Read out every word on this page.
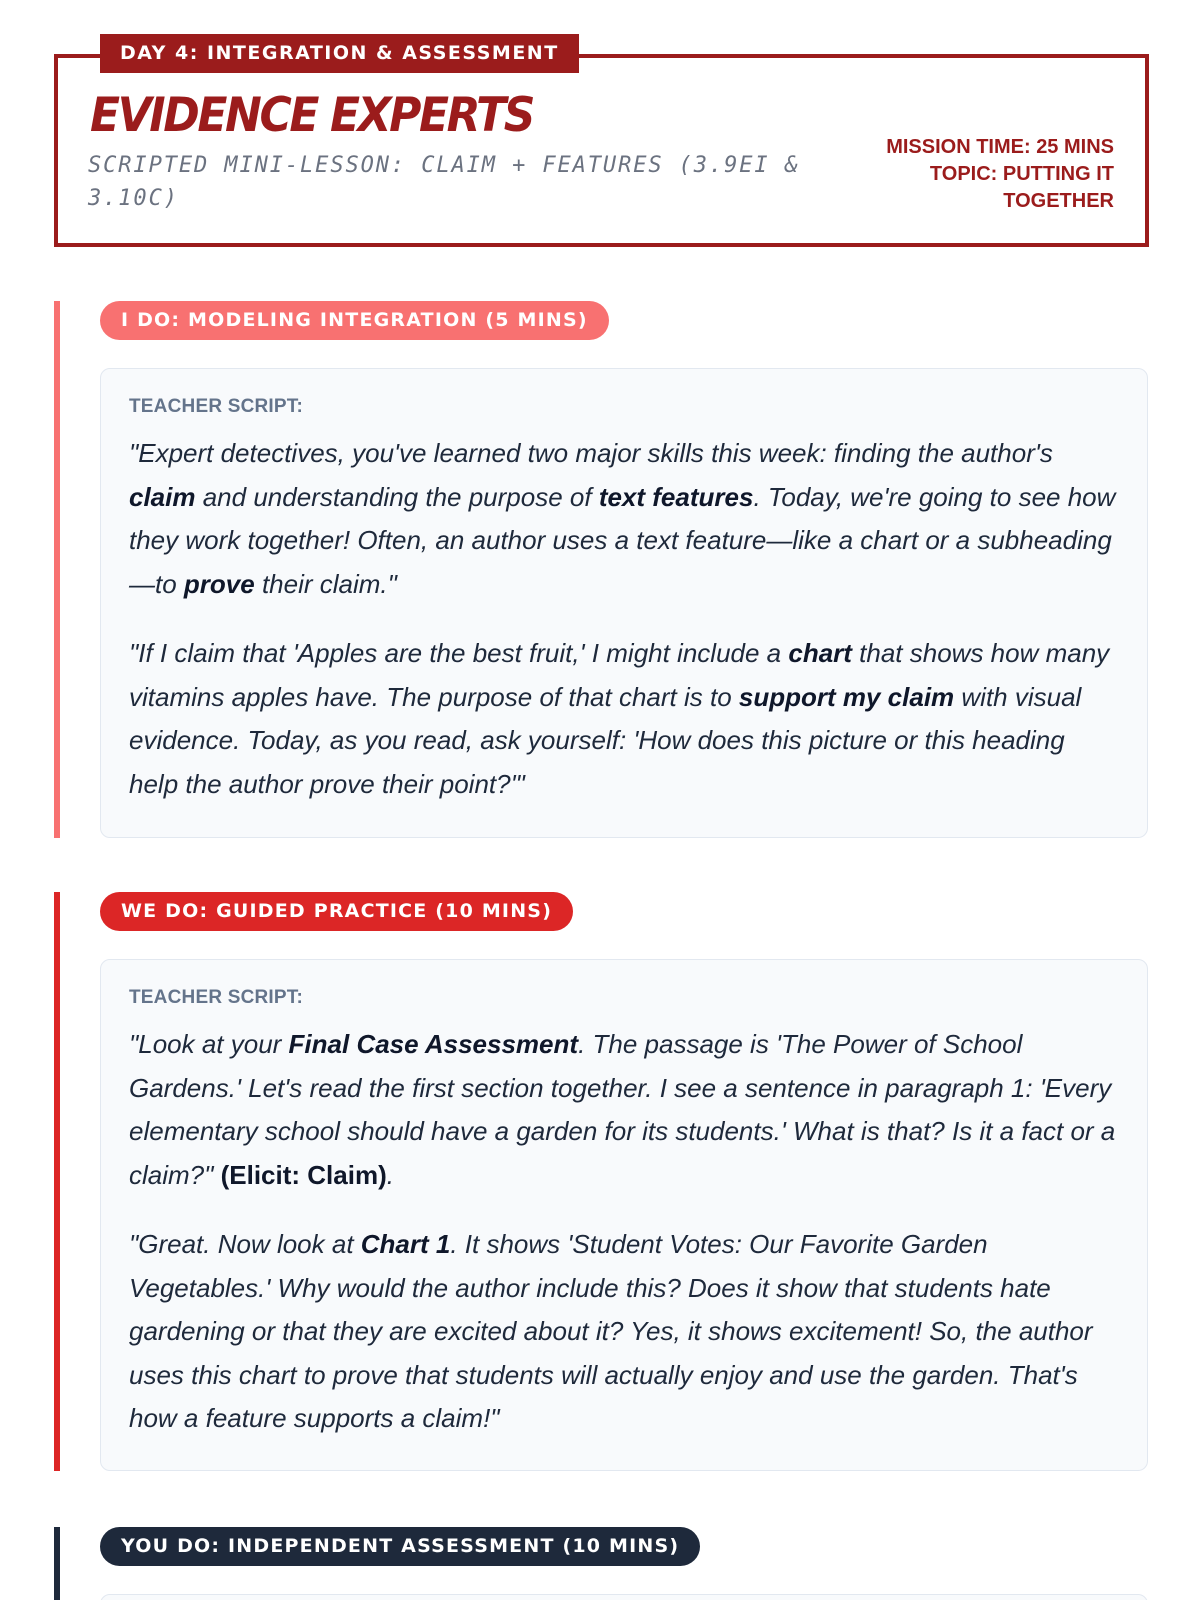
DAY 4: INTEGRATION & ASSESSMENT
EVIDENCE EXPERTS
SCRIPTED MINI-LESSON: CLAIM + FEATURES (3.9EI & 3.10C)
MISSION TIME: 25 MINS
TOPIC: PUTTING IT TOGETHER
I DO: MODELING INTEGRATION (5 MINS)
TEACHER SCRIPT:

"Expert detectives, you've learned two major skills this week: finding the author's claim and understanding the purpose of text features. Today, we're going to see how they work together! Often, an author uses a text feature—like a chart or a subheading—to prove their claim."

"If I claim that 'Apples are the best fruit,' I might include a chart that shows how many vitamins apples have. The purpose of that chart is to support my claim with visual evidence. Today, as you read, ask yourself: 'How does this picture or this heading help the author prove their point?'"

WE DO: GUIDED PRACTICE (10 MINS)
TEACHER SCRIPT:

"Look at your Final Case Assessment. The passage is 'The Power of School Gardens.' Let's read the first section together. I see a sentence in paragraph 1: 'Every elementary school should have a garden for its students.' What is that? Is it a fact or a claim?" (Elicit: Claim).

"Great. Now look at Chart 1. It shows 'Student Votes: Our Favorite Garden Vegetables.' Why would the author include this? Does it show that students hate gardening or that they are excited about it? Yes, it shows excitement! So, the author uses this chart to prove that students will actually enjoy and use the garden. That's how a feature supports a claim!"

YOU DO: INDEPENDENT ASSESSMENT (10 MINS)
